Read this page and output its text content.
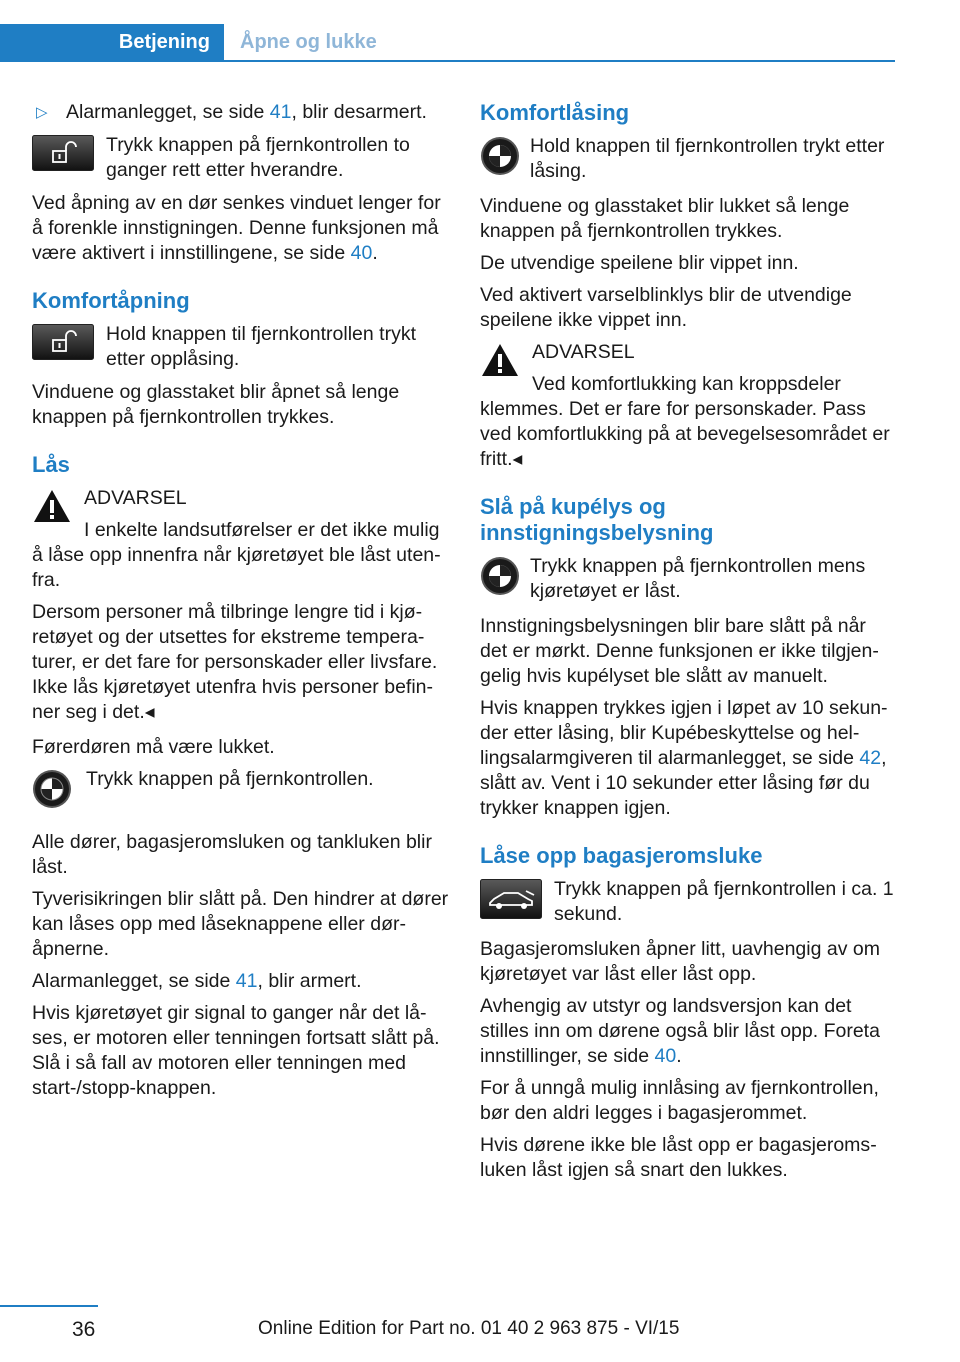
Betjening	Åpne og lukke
▷ Alarmanlegget, se side 41, blir desarmert.
Trykk knappen på fjernkontrollen to ganger rett etter hverandre.

Ved åpning av en dør senkes vinduet lenger for å forenkle innstigningen. Denne funksjonen må være aktivert i innstillingene, se side 40.

Komfortåpning
Hold knappen til fjernkontrollen trykt etter opplåsing.

Vinduene og glasstaket blir åpnet så lenge knappen på fjernkontrollen trykkes.

Lås
ADVARSEL
I enkelte landsutførelser er det ikke mulig å låse opp innenfra når kjøretøyet ble låst utenfra.

Dersom personer må tilbringe lengre tid i kjøretøyet og der utsettes for ekstreme temperaturer, er det fare for personskader eller livsfare. Ikke lås kjøretøyet utenfra hvis personer befinner seg i det.◂

Førerdøren må være lukket.

Trykk knappen på fjernkontrollen.

Alle dører, bagasjeromsluken og tankluken blir låst.

Tyverisikringen blir slått på. Den hindrer at dører kan låses opp med låseknappene eller døråpnerne.

Alarmanlegget, se side 41, blir armert.

Hvis kjøretøyet gir signal to ganger når det låses, er motoren eller tenningen fortsatt slått på. Slå i så fall av motoren eller tenningen med start-/stopp-knappen.

Komfortlåsing
Hold knappen til fjernkontrollen trykt etter låsing.

Vinduene og glasstaket blir lukket så lenge knappen på fjernkontrollen trykkes.

De utvendige speilene blir vippet inn.

Ved aktivert varselblinklys blir de utvendige speilene ikke vippet inn.

ADVARSEL
Ved komfortlukking kan kroppsdeler klemmes. Det er fare for personskader. Pass ved komfortlukking på at bevegelsesområdet er fritt.◂
Slå på kupélys og innstigningsbelysning
Trykk knappen på fjernkontrollen mens kjøretøyet er låst.

Innstigningsbelysningen blir bare slått på når det er mørkt. Denne funksjonen er ikke tilgjengelig hvis kupélyset ble slått av manuelt.

Hvis knappen trykkes igjen i løpet av 10 sekunder etter låsing, blir Kupébeskyttelse og hellingsalarmgiveren til alarmanlegget, se side 42, slått av. Vent i 10 sekunder etter låsing før du trykker knappen igjen.

Låse opp bagasjeromsluke
Trykk knappen på fjernkontrollen i ca. 1 sekund.

Bagasjeromsluken åpner litt, uavhengig av om kjøretøyet var låst eller låst opp.

Avhengig av utstyr og landsversjon kan det stilles inn om dørene også blir låst opp. Foreta innstillinger, se side 40.

For å unngå mulig innlåsing av fjernkontrollen, bør den aldri legges i bagasjerommet.

Hvis dørene ikke ble låst opp er bagasjeromsluken låst igjen så snart den lukkes.

36	Online Edition for Part no. 01 40 2 963 875 - VI/15
